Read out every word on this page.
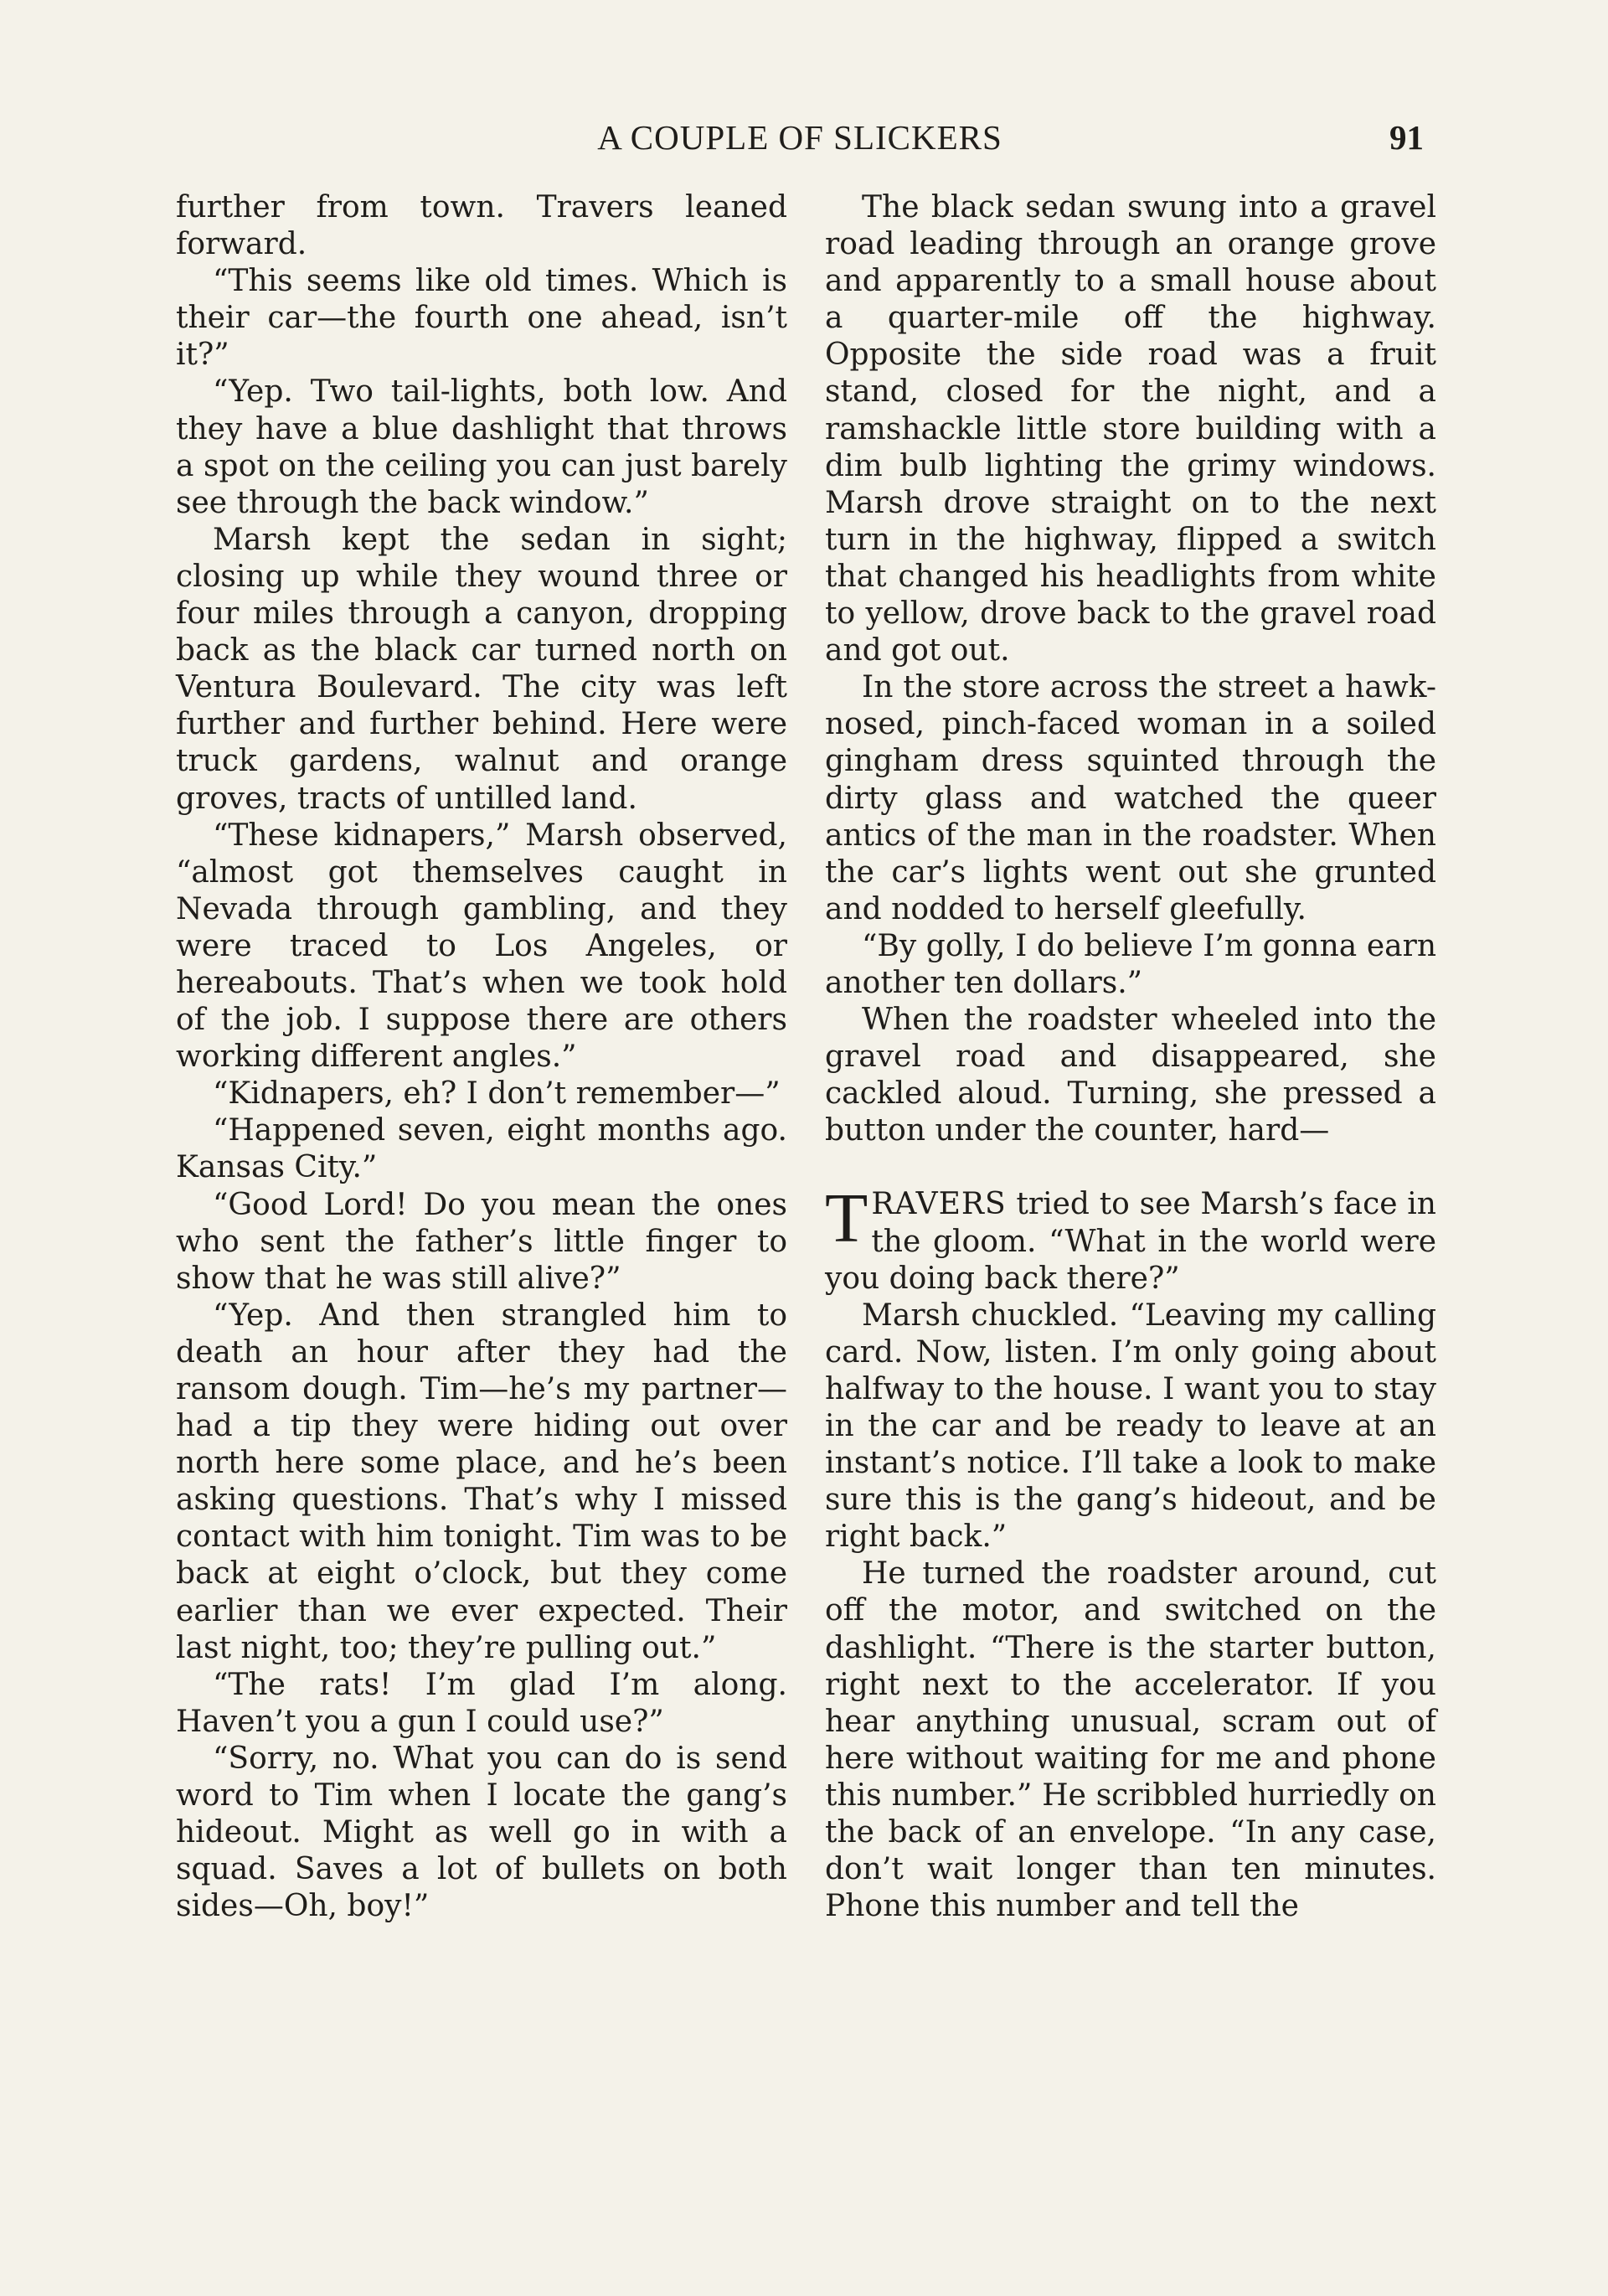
A COUPLE OF SLICKERS	91

further from town. Travers leaned forward.

“This seems like old times. Which is their car—the fourth one ahead, isn’t it?”

“Yep. Two tail-lights, both low. And they have a blue dashlight that throws a spot on the ceiling you can just barely see through the back window.”

Marsh kept the sedan in sight; closing up while they wound three or four miles through a canyon, dropping back as the black car turned north on Ventura Boulevard. The city was left further and further behind. Here were truck gardens, walnut and orange groves, tracts of untilled land.

“These kidnapers,” Marsh observed, “almost got themselves caught in Nevada through gambling, and they were traced to Los Angeles, or hereabouts. That’s when we took hold of the job. I suppose there are others working different angles.”

“Kidnapers, eh? I don’t remember—”

“Happened seven, eight months ago. Kansas City.”

“Good Lord! Do you mean the ones who sent the father’s little finger to show that he was still alive?”

“Yep. And then strangled him to death an hour after they had the ransom dough. Tim—he’s my partner—had a tip they were hiding out over north here some place, and he’s been asking questions. That’s why I missed contact with him tonight. Tim was to be back at eight o’clock, but they come earlier than we ever expected. Their last night, too; they’re pulling out.”

“The rats! I’m glad I’m along. Haven’t you a gun I could use?”

“Sorry, no. What you can do is send word to Tim when I locate the gang’s hideout. Might as well go in with a squad. Saves a lot of bullets on both sides—Oh, boy!”

The black sedan swung into a gravel road leading through an orange grove and apparently to a small house about a quarter-mile off the highway. Opposite the side road was a fruit stand, closed for the night, and a ramshackle little store building with a dim bulb lighting the grimy windows. Marsh drove straight on to the next turn in the highway, flipped a switch that changed his headlights from white to yellow, drove back to the gravel road and got out.

In the store across the street a hawk-nosed, pinch-faced woman in a soiled gingham dress squinted through the dirty glass and watched the queer antics of the man in the roadster. When the car’s lights went out she grunted and nodded to herself gleefully.

“By golly, I do believe I’m gonna earn another ten dollars.”

When the roadster wheeled into the gravel road and disappeared, she cackled aloud. Turning, she pressed a button under the counter, hard—

TRAVERS tried to see Marsh’s face in the gloom. “What in the world were you doing back there?”

Marsh chuckled. “Leaving my calling card. Now, listen. I’m only going about halfway to the house. I want you to stay in the car and be ready to leave at an instant’s notice. I’ll take a look to make sure this is the gang’s hideout, and be right back.”

He turned the roadster around, cut off the motor, and switched on the dashlight. “There is the starter button, right next to the accelerator. If you hear anything unusual, scram out of here without waiting for me and phone this number.” He scribbled hurriedly on the back of an envelope. “In any case, don’t wait longer than ten minutes. Phone this number and tell the
